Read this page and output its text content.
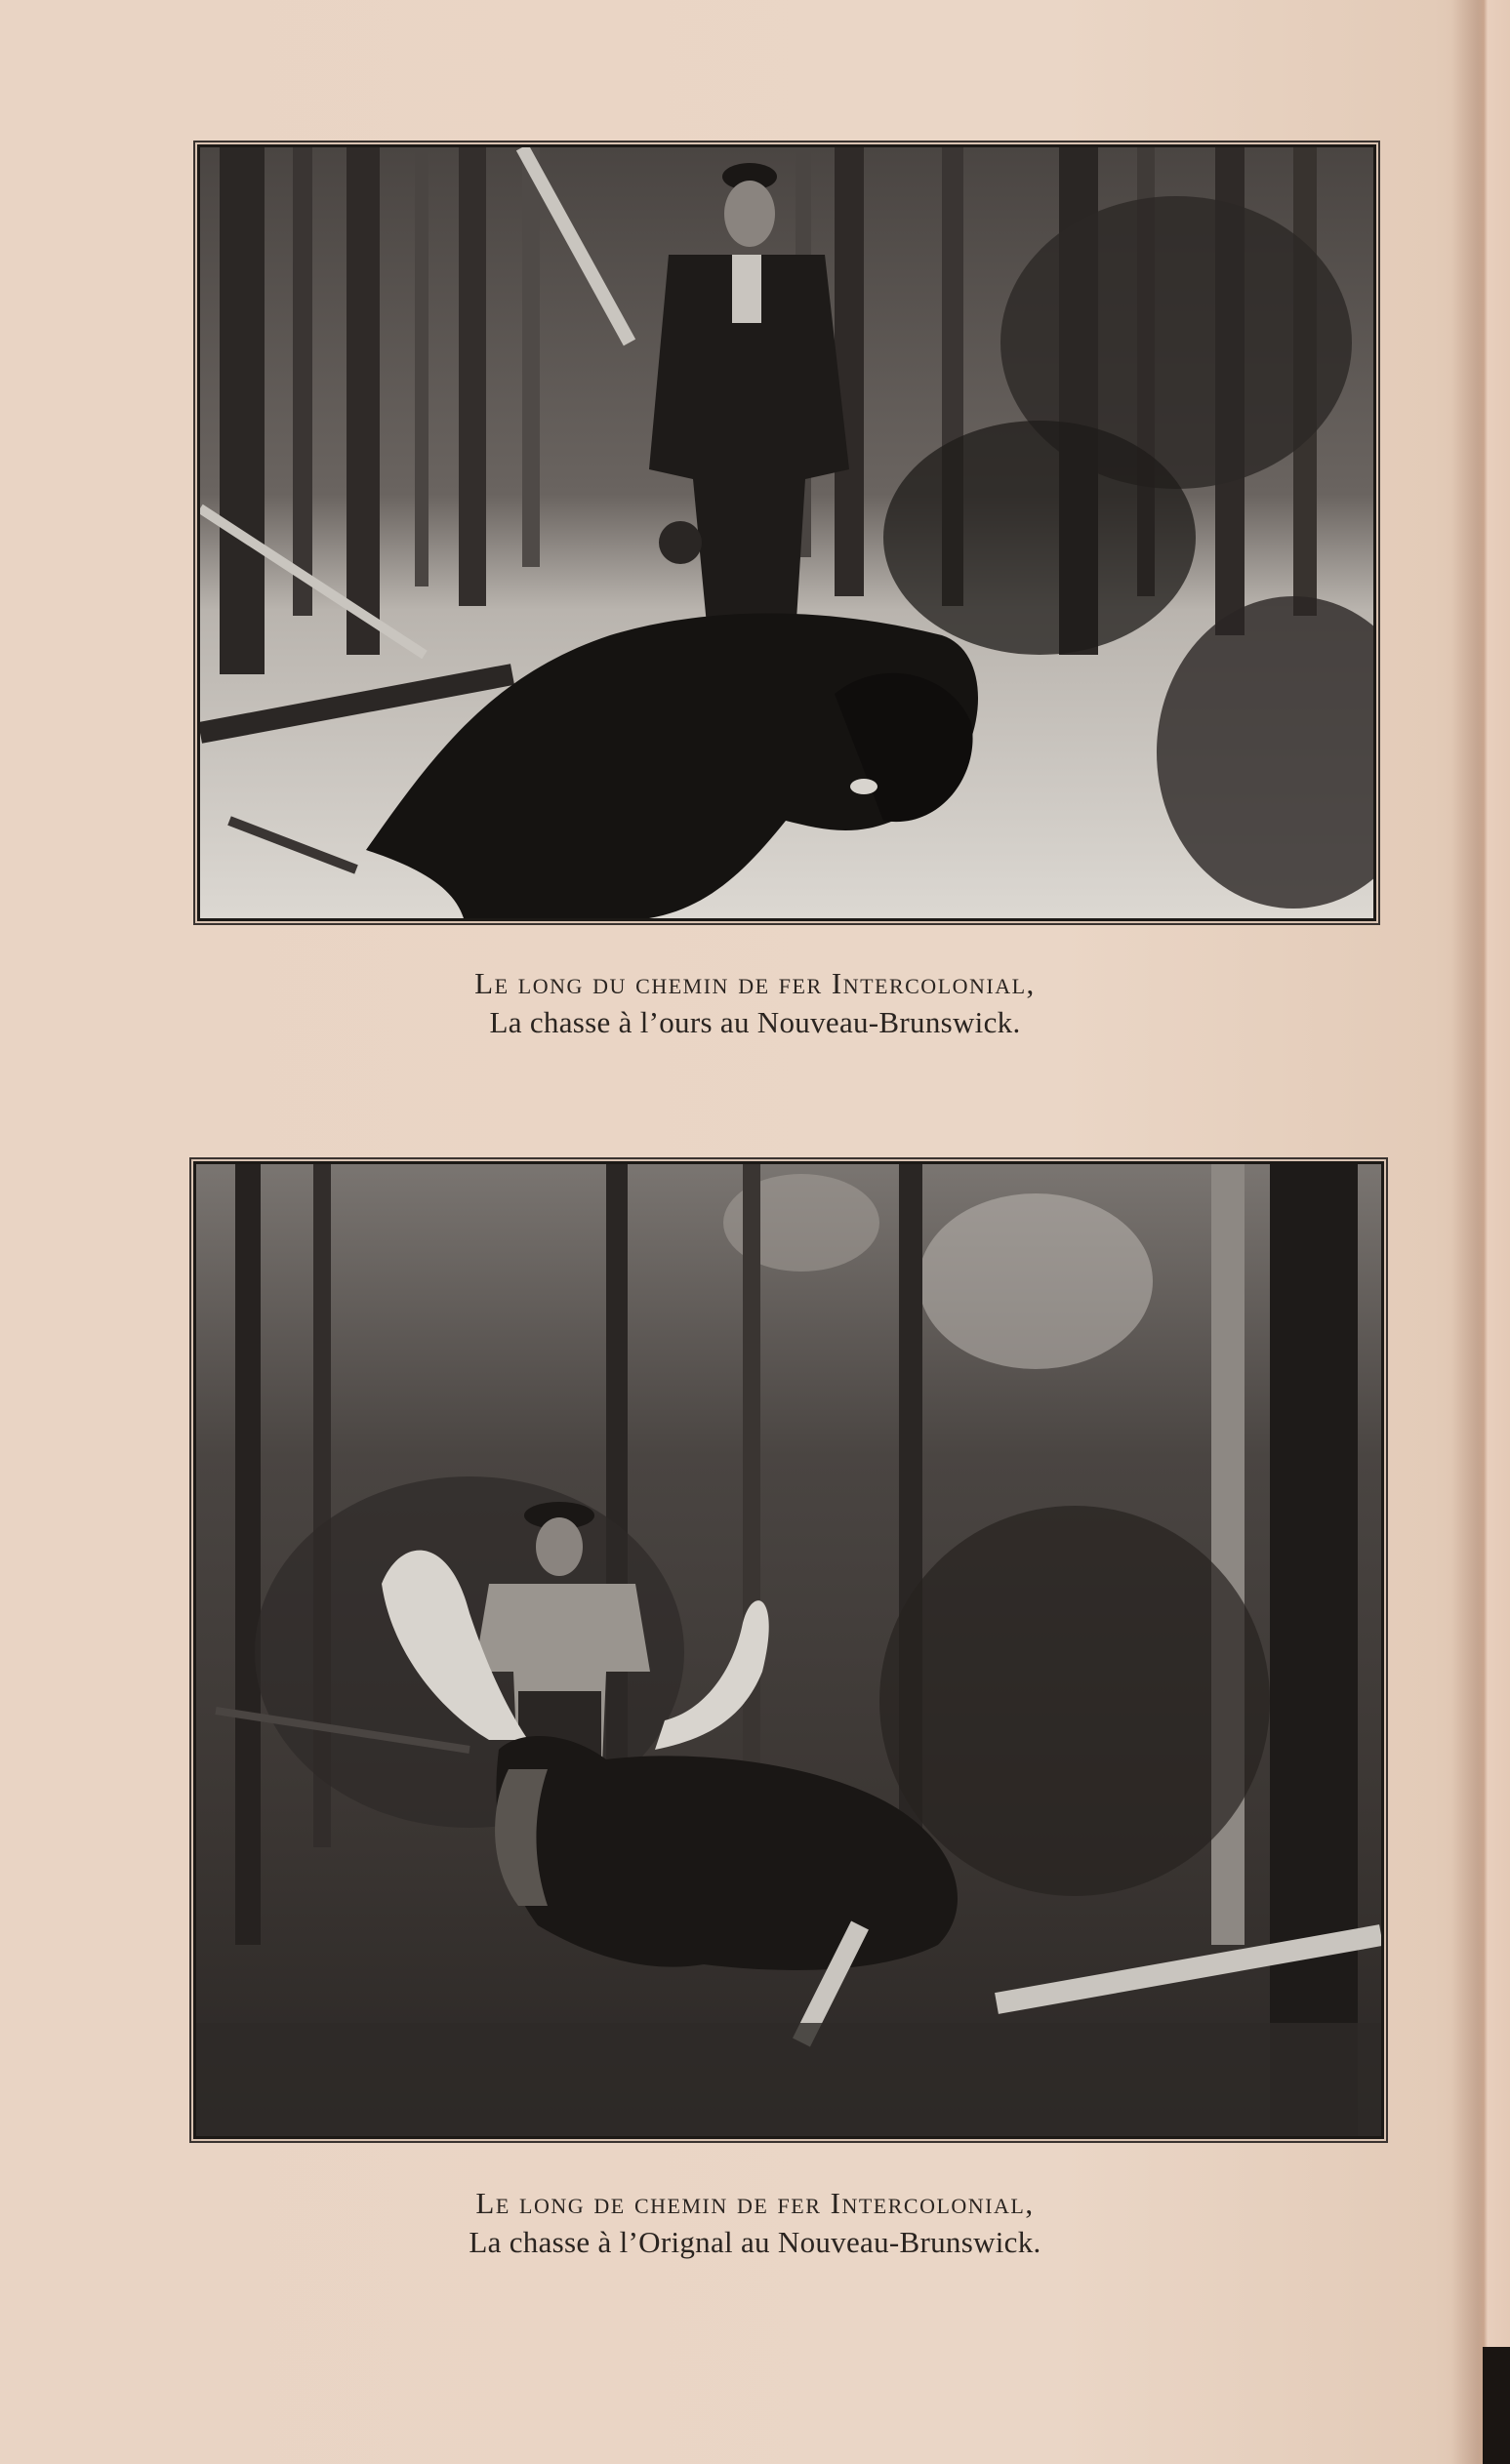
Le long du chemin de fer Intercolonial,
La chasse à l’ours au Nouveau-Brunswick.
Le long de chemin de fer Intercolonial,
La chasse à l’Orignal au Nouveau-Brunswick.
